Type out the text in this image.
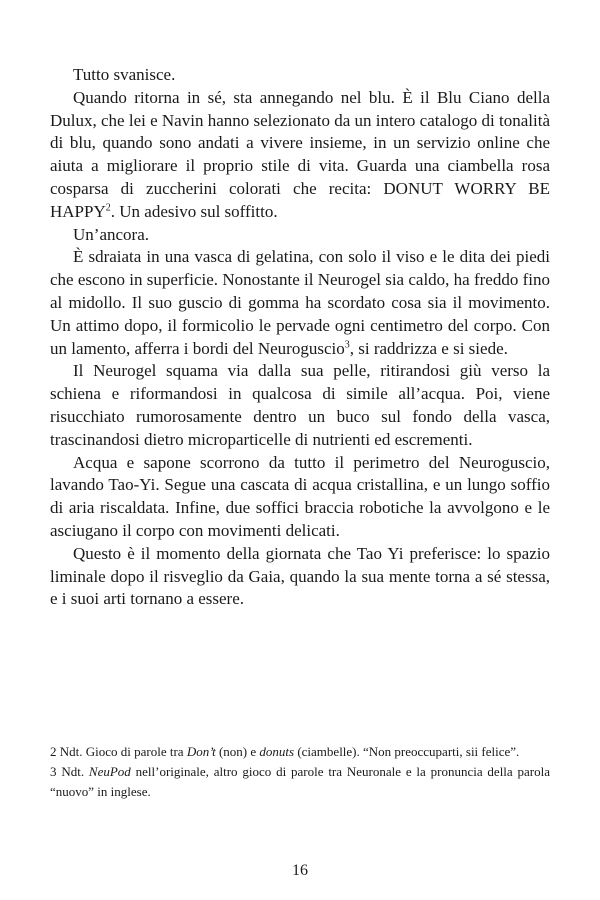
Tutto svanisce.

Quando ritorna in sé, sta annegando nel blu. È il Blu Ciano della Dulux, che lei e Navin hanno selezionato da un intero catalogo di tonalità di blu, quando sono andati a vivere insieme, in un servizio online che aiuta a migliorare il proprio stile di vita. Guarda una ciambella rosa cosparsa di zuccherini colorati che recita: DONUT WORRY BE HAPPY$^2$. Un adesivo sul soffitto.

Un’ancora.

È sdraiata in una vasca di gelatina, con solo il viso e le dita dei piedi che escono in superficie. Nonostante il Neurogel sia caldo, ha freddo fino al midollo. Il suo guscio di gomma ha scordato cosa sia il movimento. Un attimo dopo, il formicolio le pervade ogni centimetro del corpo. Con un lamento, afferra i bordi del Neuroguscio$^3$, si raddrizza e si siede.

Il Neurogel squama via dalla sua pelle, ritirandosi giù verso la schiena e riformandosi in qualcosa di simile all’acqua. Poi, viene risucchiato rumorosamente dentro un buco sul fondo della vasca, trascinandosi dietro microparticelle di nutrienti ed escrementi.

Acqua e sapone scorrono da tutto il perimetro del Neuroguscio, lavando Tao-Yi. Segue una cascata di acqua cristallina, e un lungo soffio di aria riscaldata. Infine, due soffici braccia robotiche la avvolgono e le asciugano il corpo con movimenti delicati.

Questo è il momento della giornata che Tao Yi preferisce: lo spazio liminale dopo il risveglio da Gaia, quando la sua mente torna a sé stessa, e i suoi arti tornano a essere.

2 Ndt. Gioco di parole tra Don’t (non) e donuts (ciambelle). “Non preoccuparti, sii felice”.

3 Ndt. NeuPod nell’originale, altro gioco di parole tra Neuronale e la pronuncia della parola “nuovo” in inglese.

16
